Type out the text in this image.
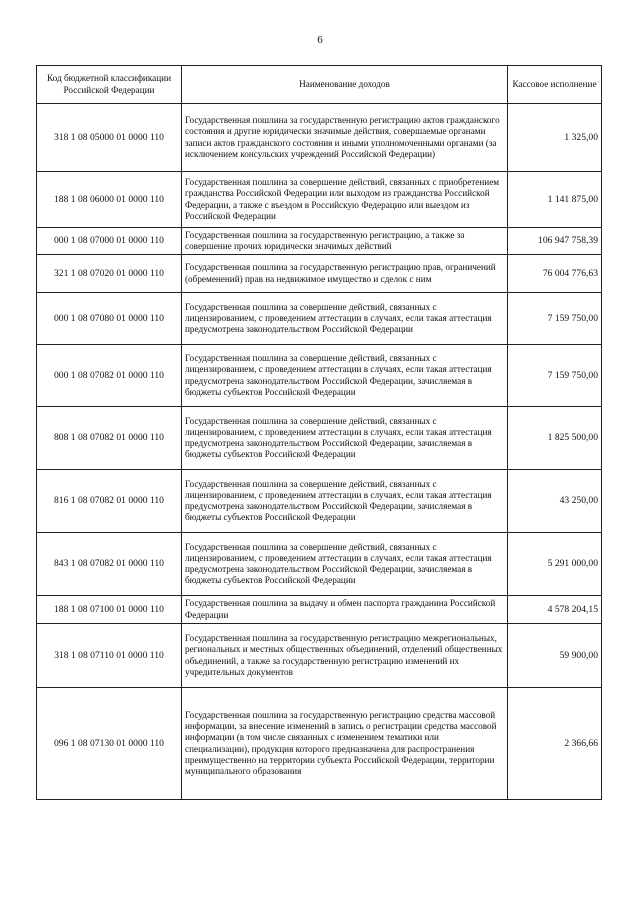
6
Код бюджетной классификации Российской Федерации	Наименование доходов	Кассовое исполнение
318 1 08 05000 01 0000 110	Государственная пошлина за государственную регистрацию актов гражданского состояния и другие юридически значимые действия, совершаемые органами записи актов гражданского состояния и иными уполномоченными органами (за исключением консульских учреждений Российской Федерации)	1 325,00
188 1 08 06000 01 0000 110	Государственная пошлина за совершение действий, связанных с приобретением гражданства Российской Федерации или выходом из гражданства Российской Федерации, а также с въездом в Российскую Федерацию или выездом из Российской Федерации	1 141 875,00
000 1 08 07000 01 0000 110	Государственная пошлина за государственную регистрацию, а также за совершение прочих юридически значимых действий	106 947 758,39
321 1 08 07020 01 0000 110	Государственная пошлина за государственную регистрацию прав, ограничений (обременений) прав на недвижимое имущество и сделок с ним	76 004 776,63
000 1 08 07080 01 0000 110	Государственная пошлина за совершение действий, связанных с лицензированием, с проведением аттестации в случаях, если такая аттестация предусмотрена законодательством Российской Федерации	7 159 750,00
000 1 08 07082 01 0000 110	Государственная пошлина за совершение действий, связанных с лицензированием, с проведением аттестации в случаях, если такая аттестация предусмотрена законодательством Российской Федерации, зачисляемая в бюджеты субъектов Российской Федерации	7 159 750,00
808 1 08 07082 01 0000 110	Государственная пошлина за совершение действий, связанных с лицензированием, с проведением аттестации в случаях, если такая аттестация предусмотрена законодательством Российской Федерации, зачисляемая в бюджеты субъектов Российской Федерации	1 825 500,00
816 1 08 07082 01 0000 110	Государственная пошлина за совершение действий, связанных с лицензированием, с проведением аттестации в случаях, если такая аттестация предусмотрена законодательством Российской Федерации, зачисляемая в бюджеты субъектов Российской Федерации	43 250,00
843 1 08 07082 01 0000 110	Государственная пошлина за совершение действий, связанных с лицензированием, с проведением аттестации в случаях, если такая аттестация предусмотрена законодательством Российской Федерации, зачисляемая в бюджеты субъектов Российской Федерации	5 291 000,00
188 1 08 07100 01 0000 110	Государственная пошлина за выдачу и обмен паспорта гражданина Российской Федерации	4 578 204,15
318 1 08 07110 01 0000 110	Государственная пошлина за государственную регистрацию межрегиональных, региональных и местных общественных объединений, отделений общественных объединений, а также за государственную регистрацию изменений их учредительных документов	59 900,00
096 1 08 07130 01 0000 110	Государственная пошлина за государственную регистрацию средства массовой информации, за внесение изменений в запись о регистрации средства массовой информации (в том числе связанных с изменением тематики или специализации), продукция которого предназначена для распространения преимущественно на территории субъекта Российской Федерации, территории муниципального образования	2 366,66
